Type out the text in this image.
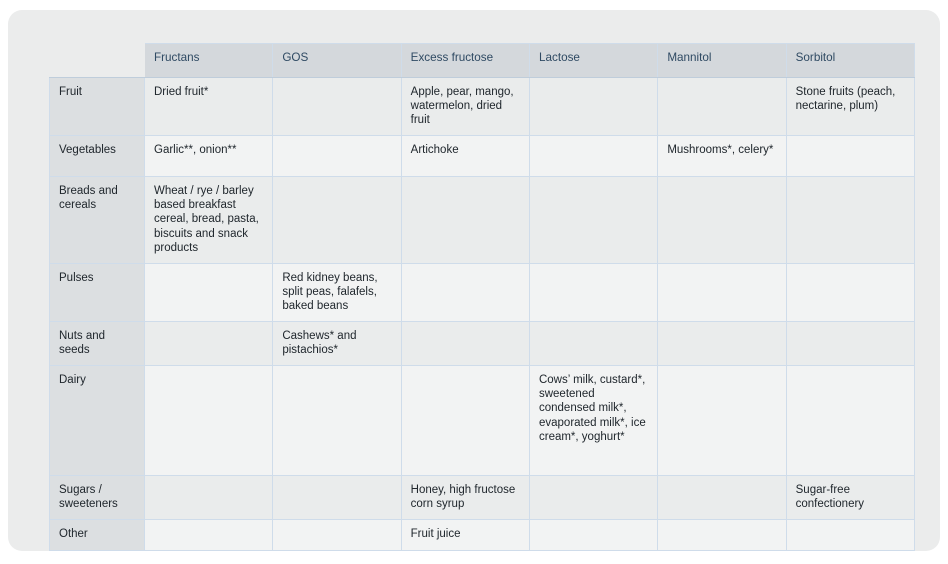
	Fructans	GOS	Excess fructose	Lactose	Mannitol	Sorbitol
Fruit	Dried fruit*		Apple, pear, mango, watermelon, dried fruit			Stone fruits (peach, nectarine, plum)
Vegetables	Garlic**, onion**		Artichoke		Mushrooms*, celery*	
Breads and cereals	Wheat / rye / barley based breakfast cereal, bread, pasta, biscuits and snack products					
Pulses		Red kidney beans, split peas, falafels, baked beans				
Nuts and seeds		Cashews* and pistachios*				
Dairy				Cows’ milk, custard*, sweetened condensed milk*, evaporated milk*, ice cream*, yoghurt*		
Sugars / sweeteners			Honey, high fructose corn syrup			Sugar-free confectionery
Other			Fruit juice			
